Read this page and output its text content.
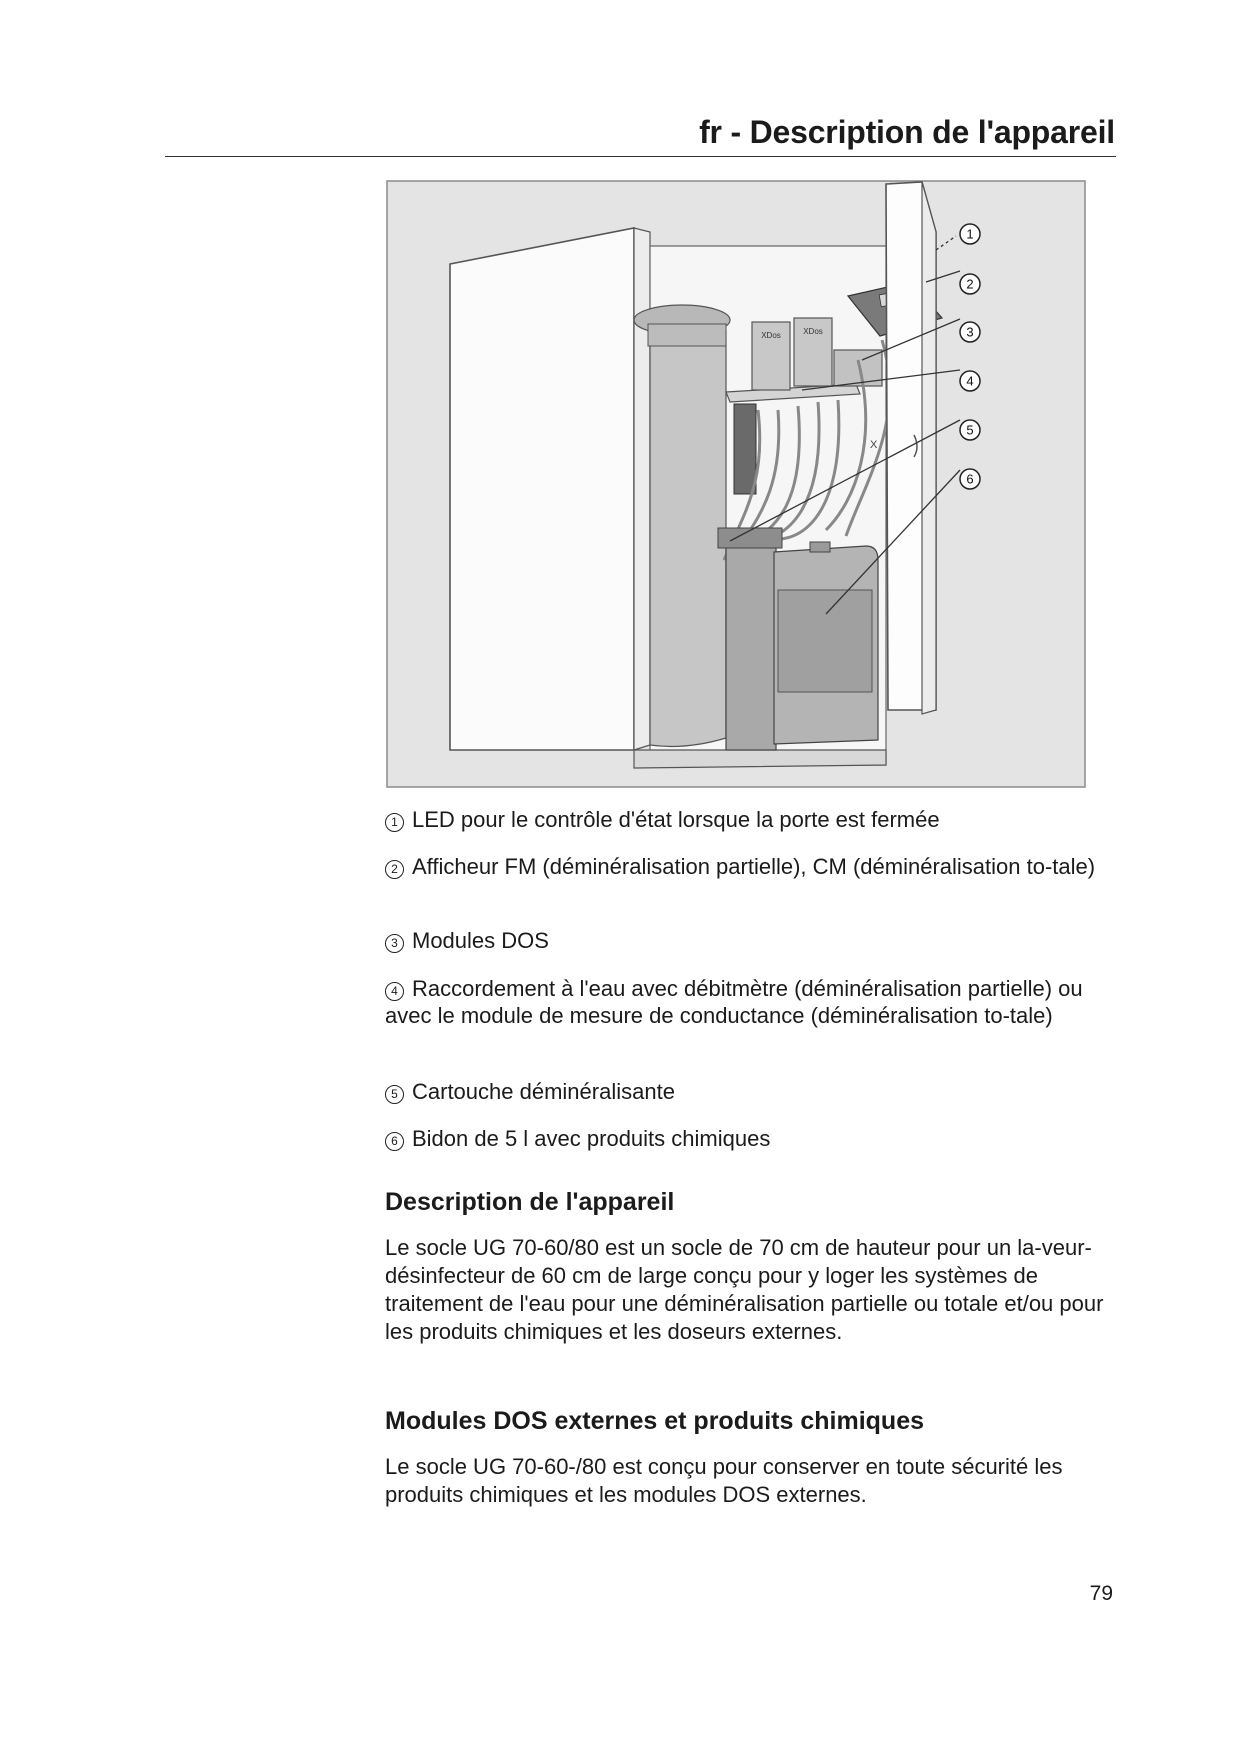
fr - Description de l'appareil
XDos	XDos
X
1
2
3
4
5
6
1 LED pour le contrôle d'état lorsque la porte est fermée
2 Afficheur FM (déminéralisation partielle), CM (déminéralisation to-tale)
3 Modules DOS
4 Raccordement à l'eau avec débitmètre (déminéralisation partielle) ou avec le module de mesure de conductance (déminéralisation to-tale)
5 Cartouche déminéralisante
6 Bidon de 5 l avec produits chimiques
Description de l'appareil
Le socle UG 70-60/80 est un socle de 70 cm de hauteur pour un la-veur-désinfecteur de 60 cm de large conçu pour y loger les systèmes de traitement de l'eau pour une déminéralisation partielle ou totale et/ou pour les produits chimiques et les doseurs externes.
Modules DOS externes et produits chimiques
Le socle UG 70-60-/80 est conçu pour conserver en toute sécurité les produits chimiques et les modules DOS externes.
79
